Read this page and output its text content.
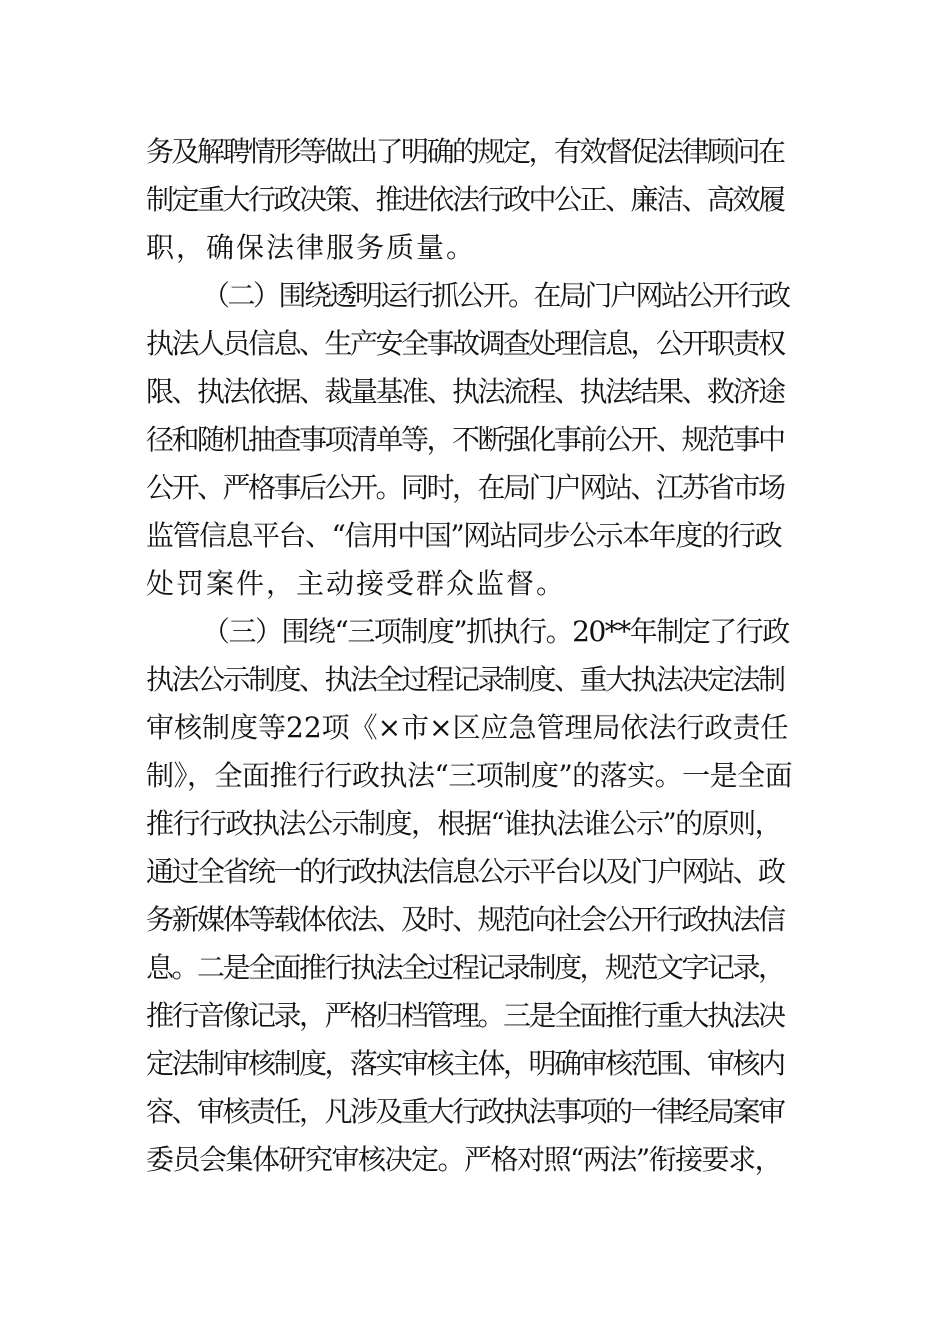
务及解聘情形等做出了明确的规定，有效督促法律顾问在
制定重大行政决策、推进依法行政中公正、廉洁、高效履
职，确保法律服务质量。
（二）围绕透明运行抓公开。在局门户网站公开行政
执法人员信息、生产安全事故调查处理信息，公开职责权
限、执法依据、裁量基准、执法流程、执法结果、救济途
径和随机抽查事项清单等，不断强化事前公开、规范事中
公开、严格事后公开。同时，在局门户网站、江苏省市场
监管信息平台、“信用中国”网站同步公示本年度的行政
处罚案件，主动接受群众监督。
（三）围绕“三项制度”抓执行。20**年制定了行政
执法公示制度、执法全过程记录制度、重大执法决定法制
审核制度等22项《×市×区应急管理局依法行政责任
制》，全面推行行政执法“三项制度”的落实。一是全面
推行行政执法公示制度，根据“谁执法谁公示”的原则，
通过全省统一的行政执法信息公示平台以及门户网站、政
务新媒体等载体依法、及时、规范向社会公开行政执法信
息。二是全面推行执法全过程记录制度，规范文字记录，
推行音像记录，严格归档管理。三是全面推行重大执法决
定法制审核制度，落实审核主体，明确审核范围、审核内
容、审核责任，凡涉及重大行政执法事项的一律经局案审
委员会集体研究审核决定。严格对照“两法”衔接要求，
